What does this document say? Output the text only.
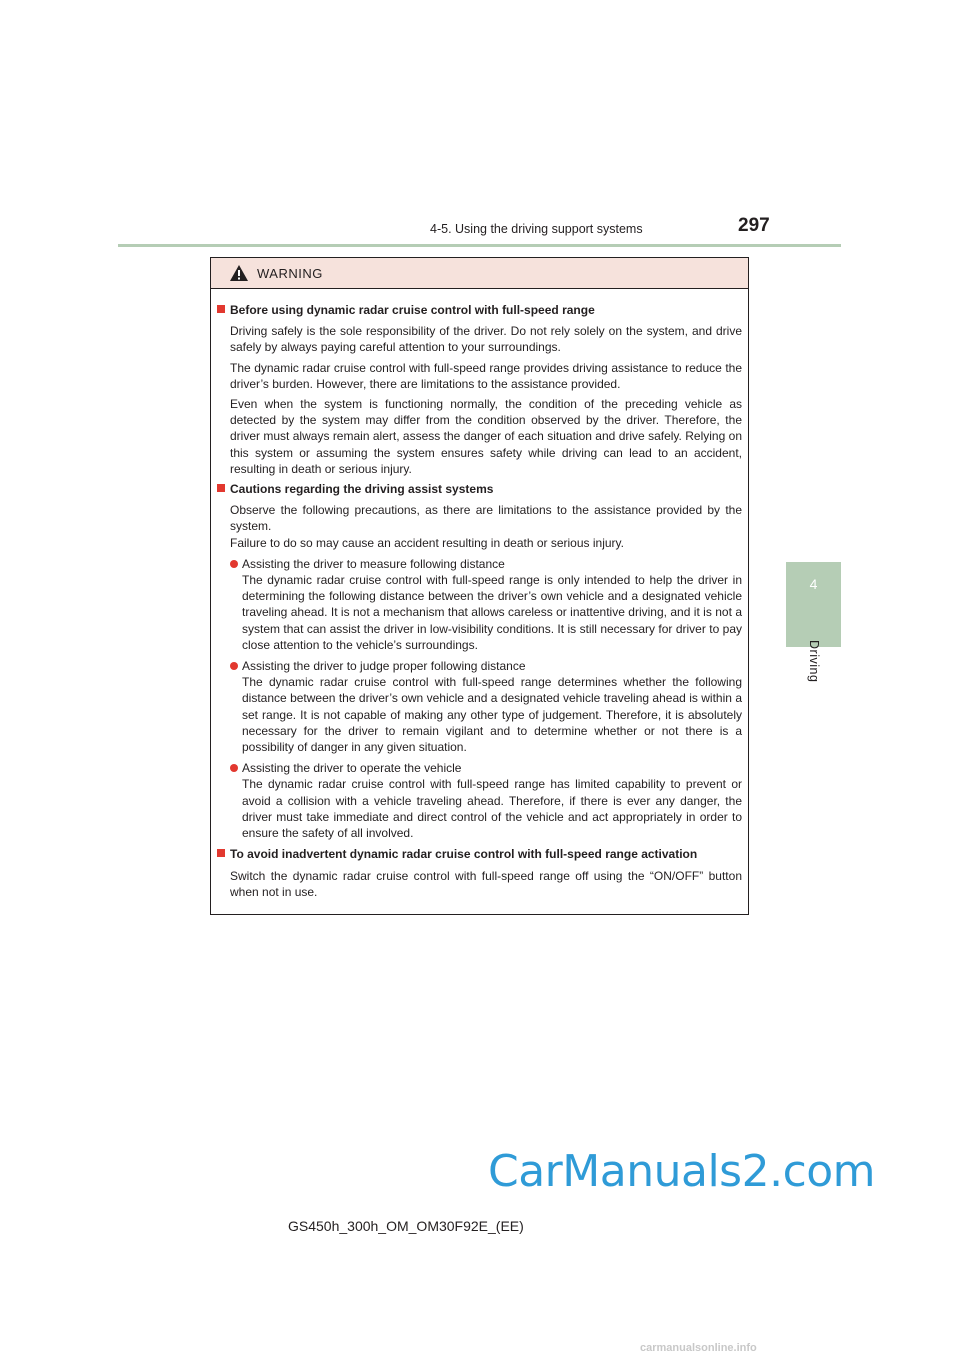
4-5. Using the driving support systems	297
4
Driving
WARNING
Before using dynamic radar cruise control with full-speed range
Driving safely is the sole responsibility of the driver. Do not rely solely on the system, and drive safely by always paying careful attention to your surroundings.
The dynamic radar cruise control with full-speed range provides driving assistance to reduce the driver’s burden. However, there are limitations to the assistance provided.
Even when the system is functioning normally, the condition of the preceding vehicle as detected by the system may differ from the condition observed by the driver. Therefore, the driver must always remain alert, assess the danger of each situation and drive safely. Relying on this system or assuming the system ensures safety while driving can lead to an accident, resulting in death or serious injury.
Cautions regarding the driving assist systems
Observe the following precautions, as there are limitations to the assistance provided by the system.
Failure to do so may cause an accident resulting in death or serious injury.
Assisting the driver to measure following distance
The dynamic radar cruise control with full-speed range is only intended to help the driver in determining the following distance between the driver’s own vehicle and a designated vehicle traveling ahead. It is not a mechanism that allows careless or inattentive driving, and it is not a system that can assist the driver in low-visibility conditions. It is still necessary for driver to pay close attention to the vehicle’s surroundings.
Assisting the driver to judge proper following distance
The dynamic radar cruise control with full-speed range determines whether the following distance between the driver’s own vehicle and a designated vehicle traveling ahead is within a set range. It is not capable of making any other type of judgement. Therefore, it is absolutely necessary for the driver to remain vigilant and to determine whether or not there is a possibility of danger in any given situation.
Assisting the driver to operate the vehicle
The dynamic radar cruise control with full-speed range has limited capability to prevent or avoid a collision with a vehicle traveling ahead. Therefore, if there is ever any danger, the driver must take immediate and direct control of the vehicle and act appropriately in order to ensure the safety of all involved.
To avoid inadvertent dynamic radar cruise control with full-speed range activation
Switch the dynamic radar cruise control with full-speed range off using the “ON/OFF” button when not in use.
GS450h_300h_OM_OM30F92E_(EE)
CarManuals2.com
carmanualsonline.info
